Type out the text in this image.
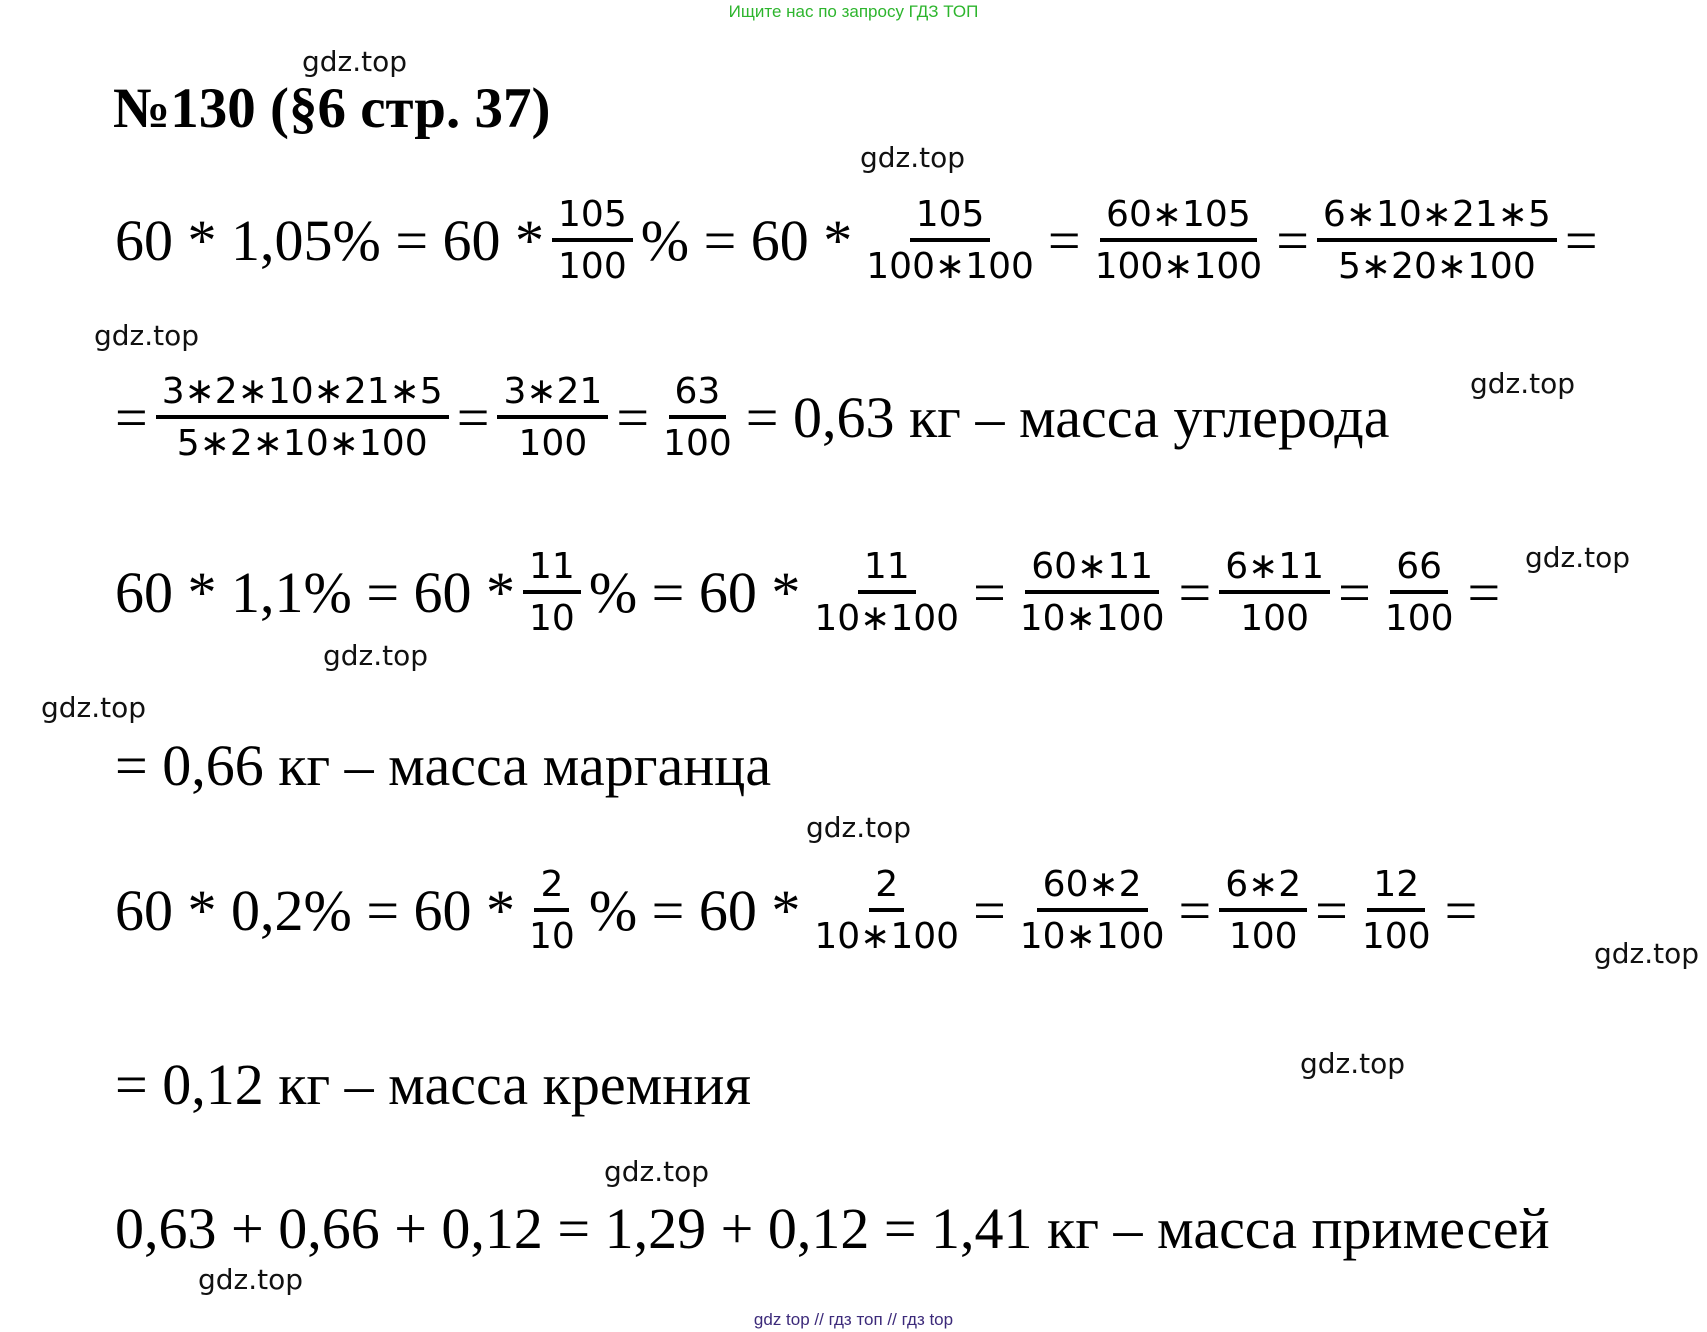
Ищите нас по запросу ГДЗ ТОП
gdz.top
№130 (§6 стр. 37)
gdz.top
$60 * 1,05\% = 60 * \frac{105}{100}$ % = $60 * \frac{105}{100∗100} = \frac{60∗105}{100∗100} = \frac{6∗10∗21∗5}{5∗20∗100}$ =
gdz.top
gdz.top
= $\frac{3∗2∗10∗21∗5}{5∗2∗10∗100} = \frac{3∗21}{100} = \frac{63}{100} = 0,63$ кг – масса углерода
gdz.top
$60 * 1,1\% = 60 * \frac{11}{10}$ % = $60 * \frac{11}{10∗100} = \frac{60∗11}{10∗100} = \frac{6∗11}{100} = \frac{66}{100}$ =
gdz.top
gdz.top
= 0,66 кг – масса марганца
gdz.top
$60 * 0,2\% = 60 * \frac{2}{10}$ % = $60 * \frac{2}{10∗100} = \frac{60∗2}{10∗100} = \frac{6∗2}{100} = \frac{12}{100}$ =
gdz.top
gdz.top
= 0,12 кг – масса кремния
gdz.top
0,63 + 0,66 + 0,12 = 1,29 + 0,12 = 1,41 кг – масса примесей
gdz.top
gdz top // гдз топ // гдз top
